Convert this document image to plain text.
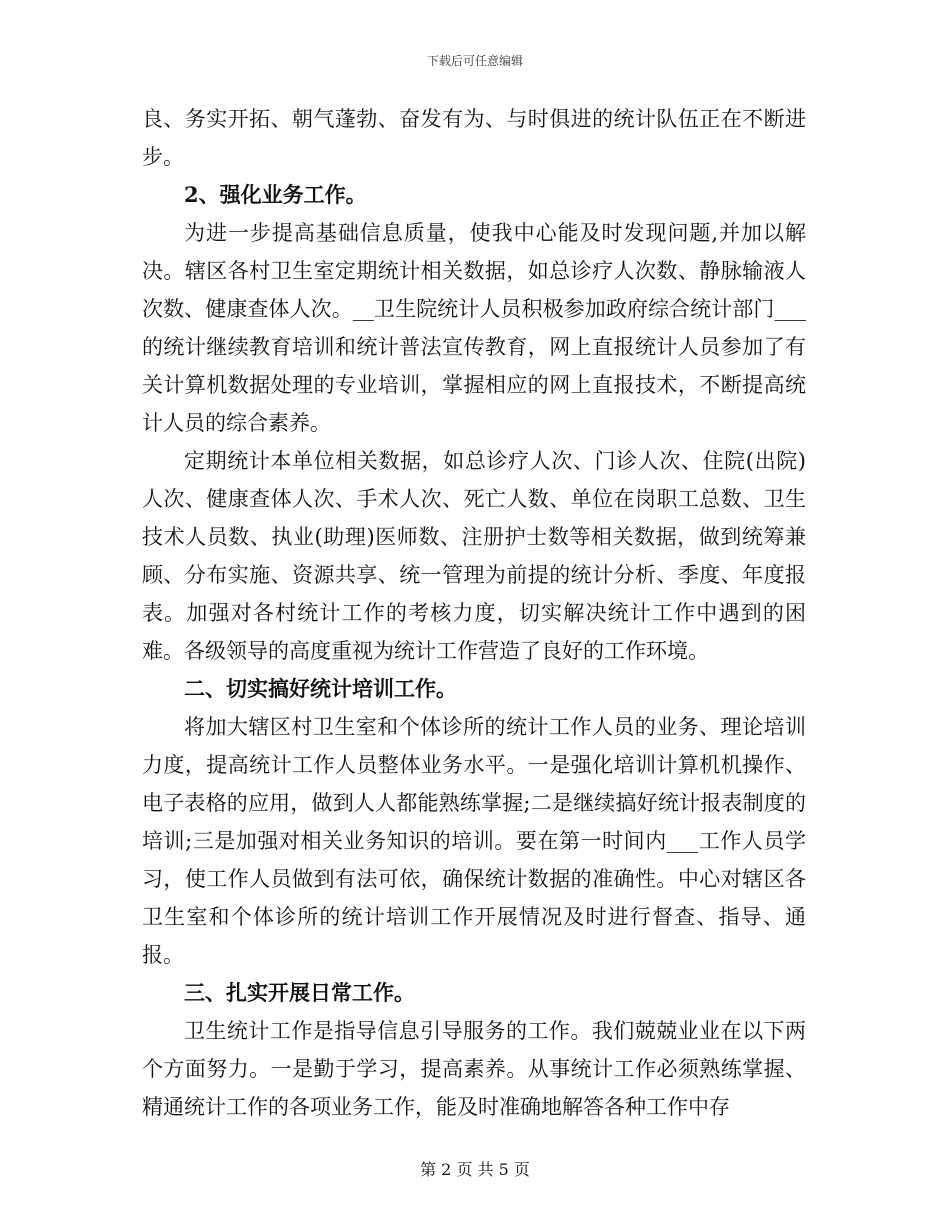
下载后可任意编辑

良、务实开拓、朝气蓬勃、奋发有为、与时俱进的统计队伍正在不断进步。

2、强化业务工作。

为进一步提高基础信息质量，使我中心能及时发现问题,并加以解决。辖区各村卫生室定期统计相关数据，如总诊疗人次数、静脉输液人次数、健康查体人次。__卫生院统计人员积极参加政府综合统计部门___的统计继续教育培训和统计普法宣传教育，网上直报统计人员参加了有关计算机数据处理的专业培训，掌握相应的网上直报技术，不断提高统计人员的综合素养。

定期统计本单位相关数据，如总诊疗人次、门诊人次、住院(出院)人次、健康查体人次、手术人次、死亡人数、单位在岗职工总数、卫生技术人员数、执业(助理)医师数、注册护士数等相关数据，做到统筹兼顾、分布实施、资源共享、统一管理为前提的统计分析、季度、年度报表。加强对各村统计工作的考核力度，切实解决统计工作中遇到的困难。各级领导的高度重视为统计工作营造了良好的工作环境。

二、切实搞好统计培训工作。

将加大辖区村卫生室和个体诊所的统计工作人员的业务、理论培训力度，提高统计工作人员整体业务水平。一是强化培训计算机机操作、电子表格的应用，做到人人都能熟练掌握;二是继续搞好统计报表制度的培训;三是加强对相关业务知识的培训。要在第一时间内___工作人员学习，使工作人员做到有法可依，确保统计数据的准确性。中心对辖区各卫生室和个体诊所的统计培训工作开展情况及时进行督查、指导、通报。

三、扎实开展日常工作。

卫生统计工作是指导信息引导服务的工作。我们兢兢业业在以下两个方面努力。一是勤于学习，提高素养。从事统计工作必须熟练掌握、精通统计工作的各项业务工作，能及时准确地解答各种工作中存

第 2 页 共 5 页
